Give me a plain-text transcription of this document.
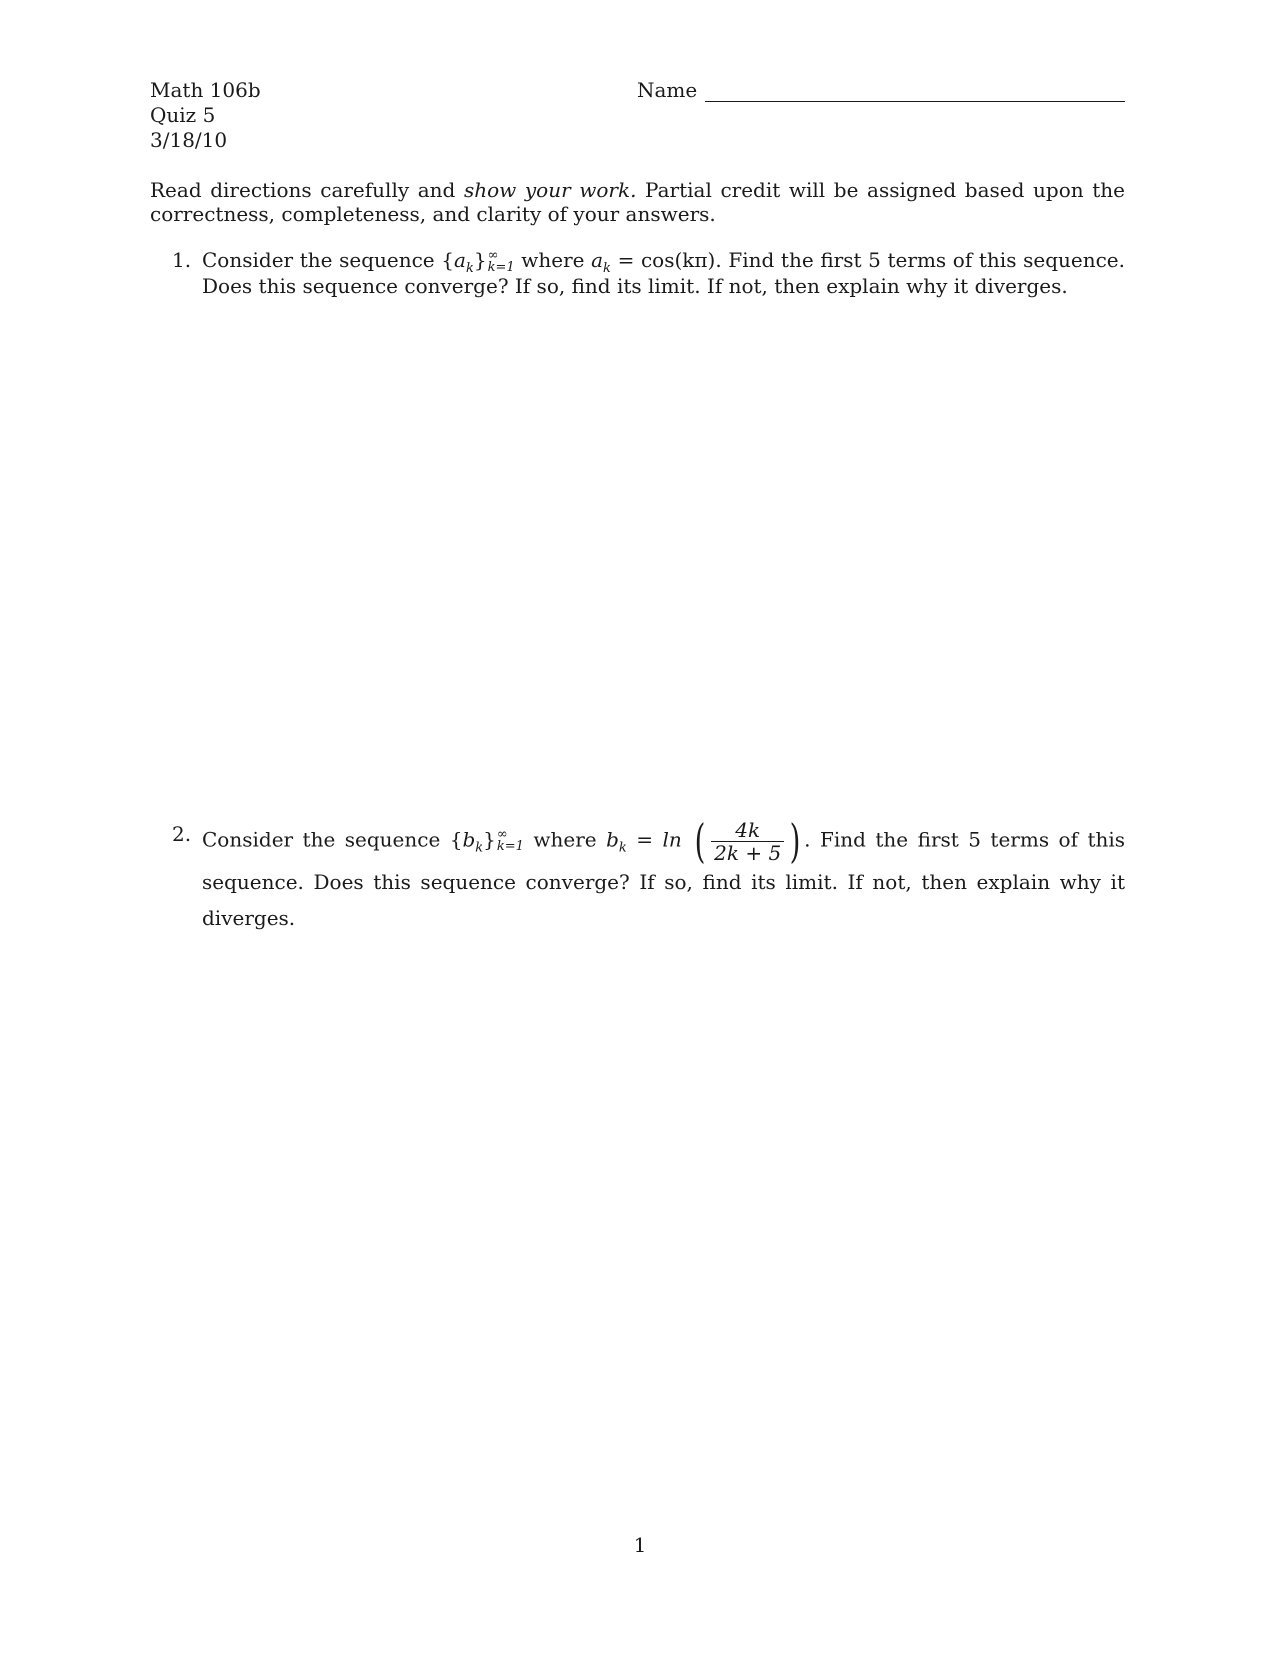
Math 106b
Quiz 5
3/18/10
Name
Read directions carefully and show your work. Partial credit will be assigned based upon the correctness, completeness, and clarity of your answers.
1. Consider the sequence $\{a_k\}$ ∞
k=1 where $a_k = \cos(k\pi)$. Find the first 5 terms of this sequence. Does this sequence converge? If so, find its limit. If not, then explain why it diverges.
2. Consider the sequence $\{b_k\}$ ∞
k=1 where $b_k = \ln$ ( $\frac{4k}{2k + 5}$ ) . Find the first 5 terms of this sequence. Does this sequence converge? If so, find its limit. If not, then explain why it diverges.
1
